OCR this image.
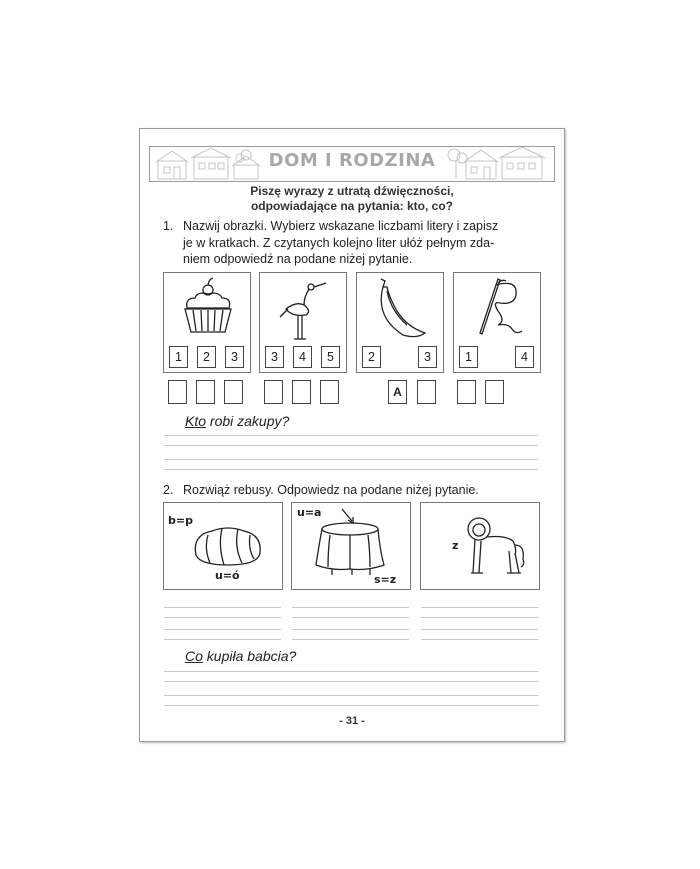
DOM I RODZINA
Piszę wyrazy z utratą dźwięczności,
odpowiadające na pytania: kto, co?
1. Nazwij obrazki. Wybierz wskazane liczbami litery i zapisz
je w kratkach. Z czytanych kolejno liter ułóż pełnym zda-
niem odpowiedź na podane niżej pytanie.
1	2	3	3	4	5	2	3	1	4
A
Kto robi zakupy?
2. Rozwiąż rebusy. Odpowiedz na podane niżej pytanie.
b=p
u=ó
u=a
s=z
z
Co kupiła babcia?
- 31 -
